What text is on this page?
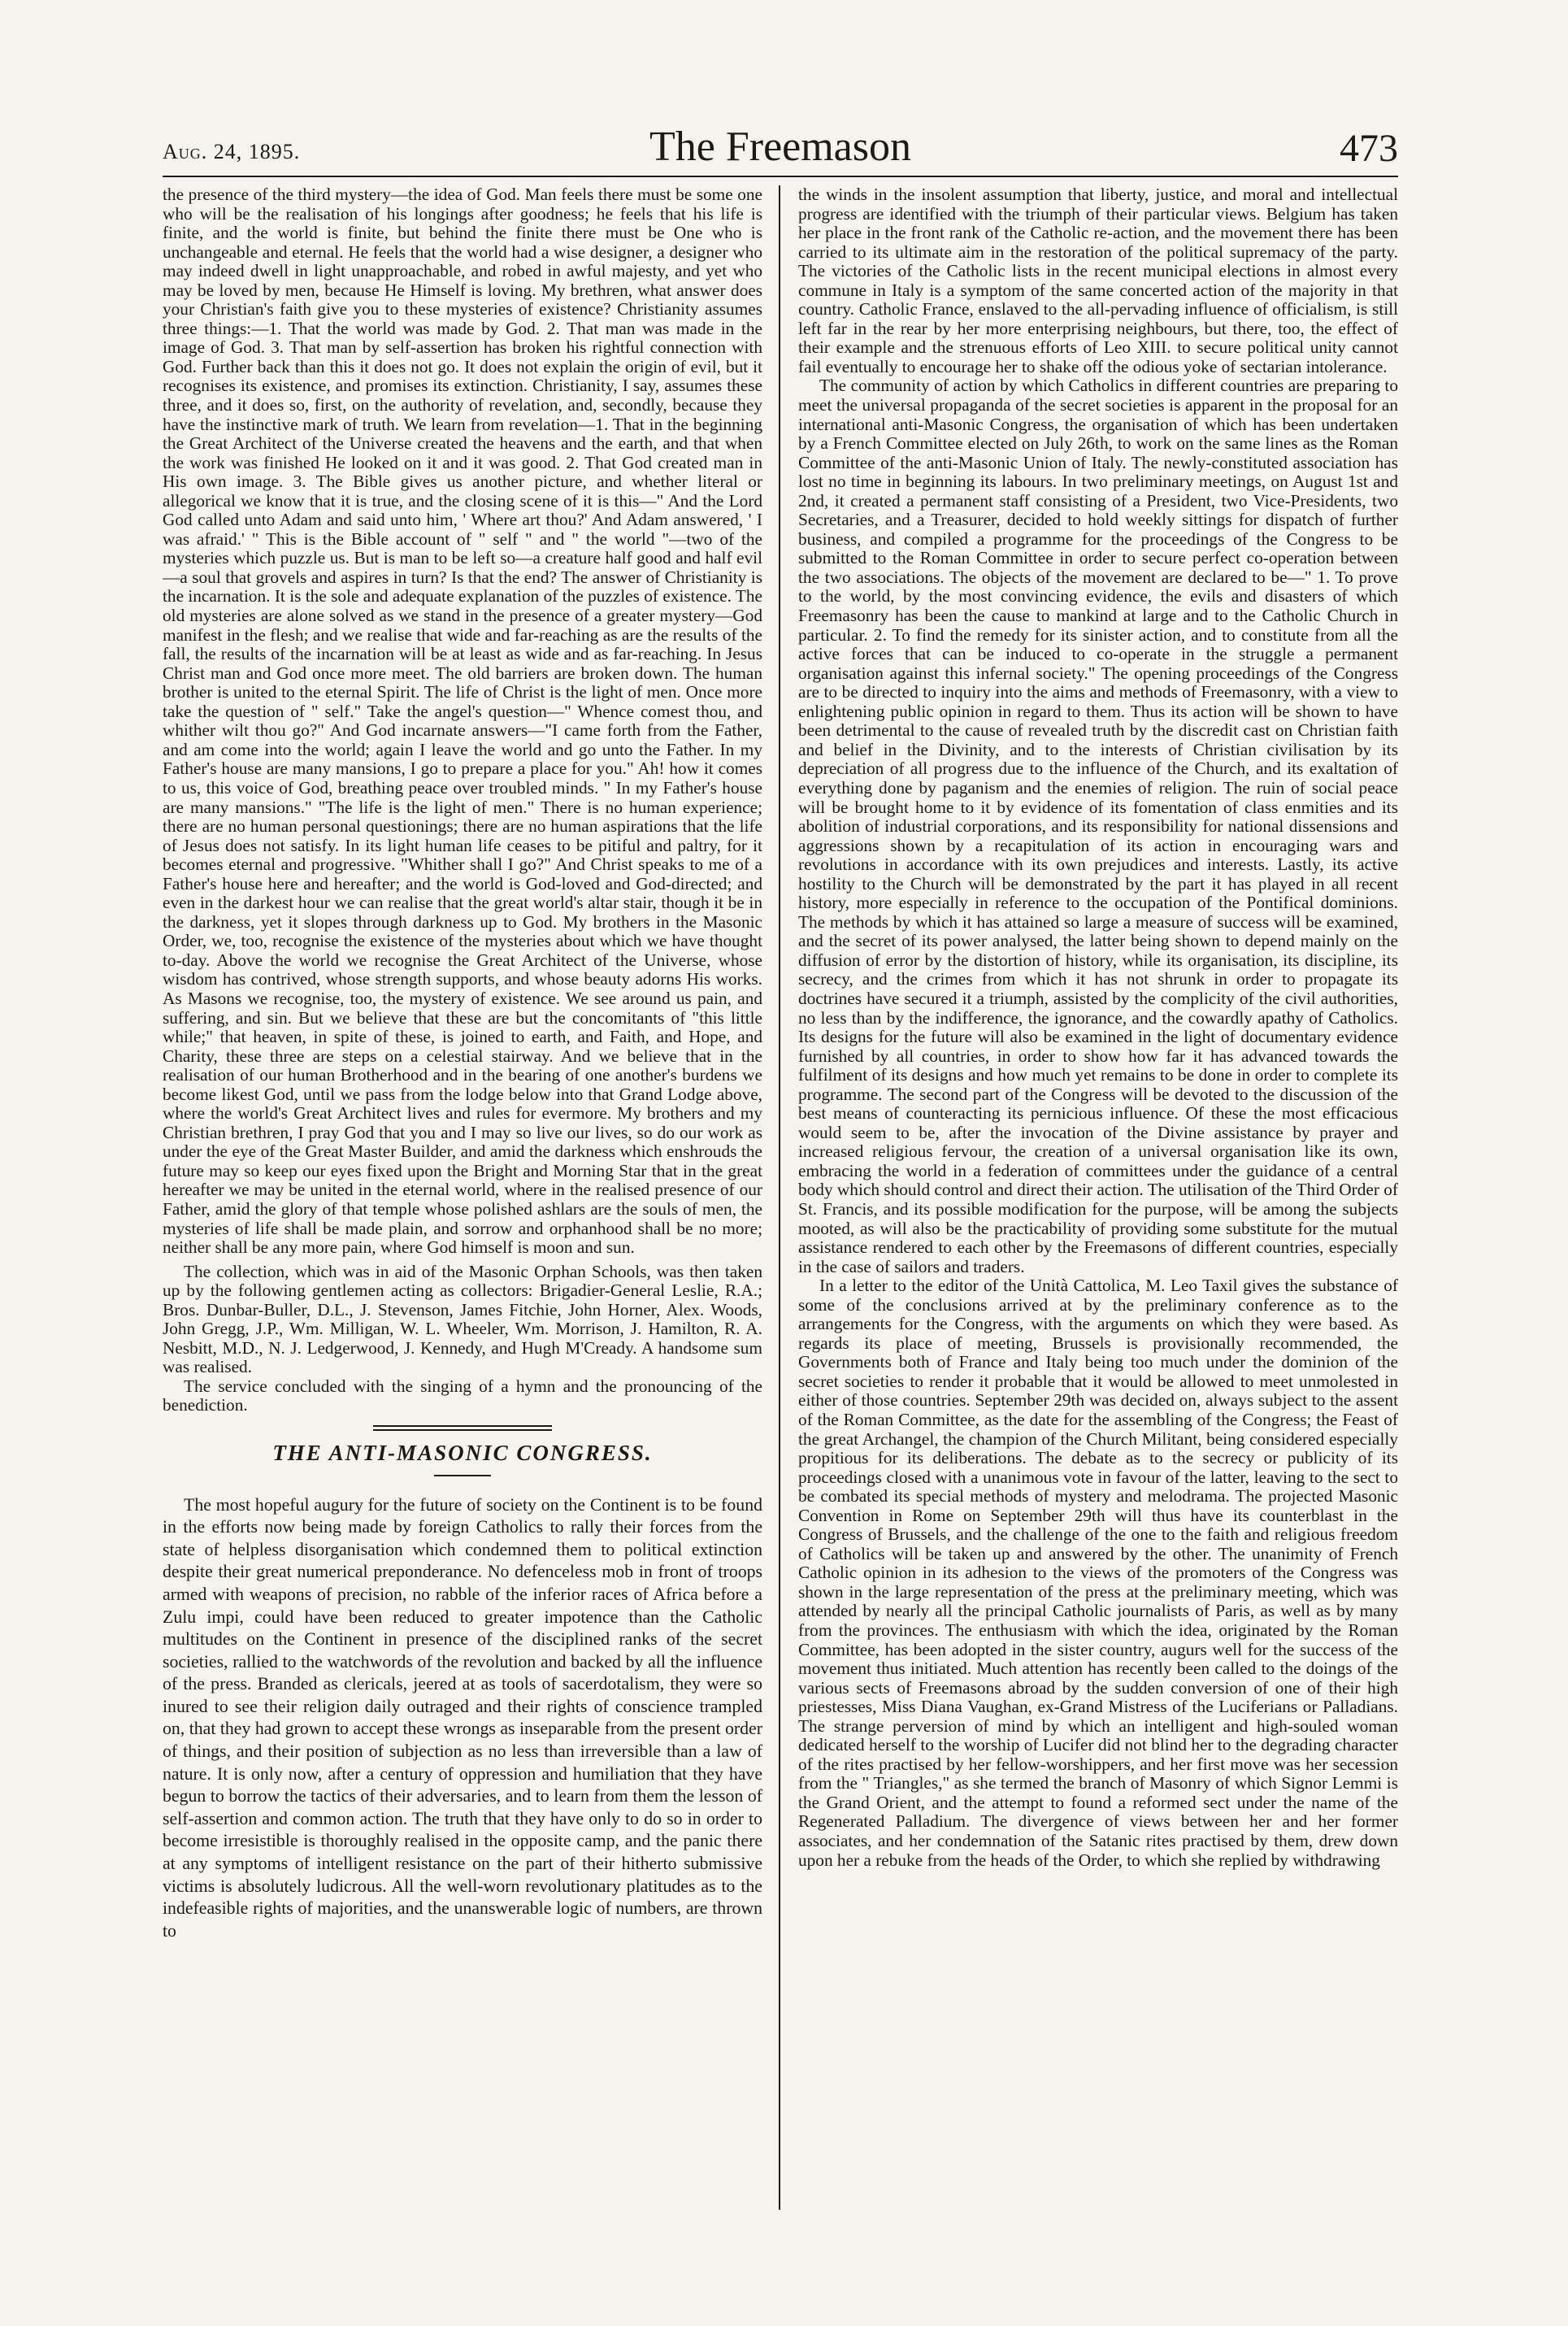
Aug. 24, 1895.	The Freemason	473

the presence of the third mystery—the idea of God. Man feels there must be some one who will be the realisation of his longings after goodness; he feels that his life is finite, and the world is finite, but behind the finite there must be One who is unchangeable and eternal. He feels that the world had a wise designer, a designer who may indeed dwell in light unapproachable, and robed in awful majesty, and yet who may be loved by men, because He Himself is loving. My brethren, what answer does your Christian's faith give you to these mysteries of existence? Christianity assumes three things:—1. That the world was made by God. 2. That man was made in the image of God. 3. That man by self-assertion has broken his rightful connection with God. Further back than this it does not go. It does not explain the origin of evil, but it recognises its existence, and promises its extinction. Christianity, I say, assumes these three, and it does so, first, on the authority of revelation, and, secondly, because they have the instinctive mark of truth. We learn from revelation—1. That in the beginning the Great Architect of the Universe created the heavens and the earth, and that when the work was finished He looked on it and it was good. 2. That God created man in His own image. 3. The Bible gives us another picture, and whether literal or allegorical we know that it is true, and the closing scene of it is this—" And the Lord God called unto Adam and said unto him, ' Where art thou?' And Adam answered, ' I was afraid.' " This is the Bible account of " self " and " the world "—two of the mysteries which puzzle us. But is man to be left so—a creature half good and half evil—a soul that grovels and aspires in turn? Is that the end? The answer of Christianity is the incarnation. It is the sole and adequate explanation of the puzzles of existence. The old mysteries are alone solved as we stand in the presence of a greater mystery—God manifest in the flesh; and we realise that wide and far-reaching as are the results of the fall, the results of the incarnation will be at least as wide and as far-reaching. In Jesus Christ man and God once more meet. The old barriers are broken down. The human brother is united to the eternal Spirit. The life of Christ is the light of men. Once more take the question of " self." Take the angel's question—" Whence comest thou, and whither wilt thou go?" And God incarnate answers—"I came forth from the Father, and am come into the world; again I leave the world and go unto the Father. In my Father's house are many mansions, I go to prepare a place for you." Ah! how it comes to us, this voice of God, breathing peace over troubled minds. " In my Father's house are many mansions." "The life is the light of men." There is no human experience; there are no human personal questionings; there are no human aspirations that the life of Jesus does not satisfy. In its light human life ceases to be pitiful and paltry, for it becomes eternal and progressive. "Whither shall I go?" And Christ speaks to me of a Father's house here and hereafter; and the world is God-loved and God-directed; and even in the darkest hour we can realise that the great world's altar stair, though it be in the darkness, yet it slopes through darkness up to God. My brothers in the Masonic Order, we, too, recognise the existence of the mysteries about which we have thought to-day. Above the world we recognise the Great Architect of the Universe, whose wisdom has contrived, whose strength supports, and whose beauty adorns His works. As Masons we recognise, too, the mystery of existence. We see around us pain, and suffering, and sin. But we believe that these are but the concomitants of "this little while;" that heaven, in spite of these, is joined to earth, and Faith, and Hope, and Charity, these three are steps on a celestial stairway. And we believe that in the realisation of our human Brotherhood and in the bearing of one another's burdens we become likest God, until we pass from the lodge below into that Grand Lodge above, where the world's Great Architect lives and rules for evermore. My brothers and my Christian brethren, I pray God that you and I may so live our lives, so do our work as under the eye of the Great Master Builder, and amid the darkness which enshrouds the future may so keep our eyes fixed upon the Bright and Morning Star that in the great hereafter we may be united in the eternal world, where in the realised presence of our Father, amid the glory of that temple whose polished ashlars are the souls of men, the mysteries of life shall be made plain, and sorrow and orphanhood shall be no more; neither shall be any more pain, where God himself is moon and sun.

The collection, which was in aid of the Masonic Orphan Schools, was then taken up by the following gentlemen acting as collectors: Brigadier-General Leslie, R.A.; Bros. Dunbar-Buller, D.L., J. Stevenson, James Fitchie, John Horner, Alex. Woods, John Gregg, J.P., Wm. Milligan, W. L. Wheeler, Wm. Morrison, J. Hamilton, R. A. Nesbitt, M.D., N. J. Ledgerwood, J. Kennedy, and Hugh M'Cready. A handsome sum was realised.

The service concluded with the singing of a hymn and the pronouncing of the benediction.

THE ANTI-MASONIC CONGRESS.

The most hopeful augury for the future of society on the Continent is to be found in the efforts now being made by foreign Catholics to rally their forces from the state of helpless disorganisation which condemned them to political extinction despite their great numerical preponderance. No defenceless mob in front of troops armed with weapons of precision, no rabble of the inferior races of Africa before a Zulu impi, could have been reduced to greater impotence than the Catholic multitudes on the Continent in presence of the disciplined ranks of the secret societies, rallied to the watchwords of the revolution and backed by all the influence of the press. Branded as clericals, jeered at as tools of sacerdotalism, they were so inured to see their religion daily outraged and their rights of conscience trampled on, that they had grown to accept these wrongs as inseparable from the present order of things, and their position of subjection as no less than irreversible than a law of nature. It is only now, after a century of oppression and humiliation that they have begun to borrow the tactics of their adversaries, and to learn from them the lesson of self-assertion and common action. The truth that they have only to do so in order to become irresistible is thoroughly realised in the opposite camp, and the panic there at any symptoms of intelligent resistance on the part of their hitherto submissive victims is absolutely ludicrous. All the well-worn revolutionary platitudes as to the indefeasible rights of majorities, and the unanswerable logic of numbers, are thrown to

the winds in the insolent assumption that liberty, justice, and moral and intellectual progress are identified with the triumph of their particular views. Belgium has taken her place in the front rank of the Catholic re-action, and the movement there has been carried to its ultimate aim in the restoration of the political supremacy of the party. The victories of the Catholic lists in the recent municipal elections in almost every commune in Italy is a symptom of the same concerted action of the majority in that country. Catholic France, enslaved to the all-pervading influence of officialism, is still left far in the rear by her more enterprising neighbours, but there, too, the effect of their example and the strenuous efforts of Leo XIII. to secure political unity cannot fail eventually to encourage her to shake off the odious yoke of sectarian intolerance.

The community of action by which Catholics in different countries are preparing to meet the universal propaganda of the secret societies is apparent in the proposal for an international anti-Masonic Congress, the organisation of which has been undertaken by a French Committee elected on July 26th, to work on the same lines as the Roman Committee of the anti-Masonic Union of Italy. The newly-constituted association has lost no time in beginning its labours. In two preliminary meetings, on August 1st and 2nd, it created a permanent staff consisting of a President, two Vice-Presidents, two Secretaries, and a Treasurer, decided to hold weekly sittings for dispatch of further business, and compiled a programme for the proceedings of the Congress to be submitted to the Roman Committee in order to secure perfect co-operation between the two associations. The objects of the movement are declared to be—" 1. To prove to the world, by the most convincing evidence, the evils and disasters of which Freemasonry has been the cause to mankind at large and to the Catholic Church in particular. 2. To find the remedy for its sinister action, and to constitute from all the active forces that can be induced to co-operate in the struggle a permanent organisation against this infernal society." The opening proceedings of the Congress are to be directed to inquiry into the aims and methods of Freemasonry, with a view to enlightening public opinion in regard to them. Thus its action will be shown to have been detrimental to the cause of revealed truth by the discredit cast on Christian faith and belief in the Divinity, and to the interests of Christian civilisation by its depreciation of all progress due to the influence of the Church, and its exaltation of everything done by paganism and the enemies of religion. The ruin of social peace will be brought home to it by evidence of its fomentation of class enmities and its abolition of industrial corporations, and its responsibility for national dissensions and aggressions shown by a recapitulation of its action in encouraging wars and revolutions in accordance with its own prejudices and interests. Lastly, its active hostility to the Church will be demonstrated by the part it has played in all recent history, more especially in reference to the occupation of the Pontifical dominions. The methods by which it has attained so large a measure of success will be examined, and the secret of its power analysed, the latter being shown to depend mainly on the diffusion of error by the distortion of history, while its organisation, its discipline, its secrecy, and the crimes from which it has not shrunk in order to propagate its doctrines have secured it a triumph, assisted by the complicity of the civil authorities, no less than by the indifference, the ignorance, and the cowardly apathy of Catholics. Its designs for the future will also be examined in the light of documentary evidence furnished by all countries, in order to show how far it has advanced towards the fulfilment of its designs and how much yet remains to be done in order to complete its programme. The second part of the Congress will be devoted to the discussion of the best means of counteracting its pernicious influence. Of these the most efficacious would seem to be, after the invocation of the Divine assistance by prayer and increased religious fervour, the creation of a universal organisation like its own, embracing the world in a federation of committees under the guidance of a central body which should control and direct their action. The utilisation of the Third Order of St. Francis, and its possible modification for the purpose, will be among the subjects mooted, as will also be the practicability of providing some substitute for the mutual assistance rendered to each other by the Freemasons of different countries, especially in the case of sailors and traders.

In a letter to the editor of the Unità Cattolica, M. Leo Taxil gives the substance of some of the conclusions arrived at by the preliminary conference as to the arrangements for the Congress, with the arguments on which they were based. As regards its place of meeting, Brussels is provisionally recommended, the Governments both of France and Italy being too much under the dominion of the secret societies to render it probable that it would be allowed to meet unmolested in either of those countries. September 29th was decided on, always subject to the assent of the Roman Committee, as the date for the assembling of the Congress; the Feast of the great Archangel, the champion of the Church Militant, being considered especially propitious for its deliberations. The debate as to the secrecy or publicity of its proceedings closed with a unanimous vote in favour of the latter, leaving to the sect to be combated its special methods of mystery and melodrama. The projected Masonic Convention in Rome on September 29th will thus have its counterblast in the Congress of Brussels, and the challenge of the one to the faith and religious freedom of Catholics will be taken up and answered by the other. The unanimity of French Catholic opinion in its adhesion to the views of the promoters of the Congress was shown in the large representation of the press at the preliminary meeting, which was attended by nearly all the principal Catholic journalists of Paris, as well as by many from the provinces. The enthusiasm with which the idea, originated by the Roman Committee, has been adopted in the sister country, augurs well for the success of the movement thus initiated. Much attention has recently been called to the doings of the various sects of Freemasons abroad by the sudden conversion of one of their high priestesses, Miss Diana Vaughan, ex-Grand Mistress of the Luciferians or Palladians. The strange perversion of mind by which an intelligent and high-souled woman dedicated herself to the worship of Lucifer did not blind her to the degrading character of the rites practised by her fellow-worshippers, and her first move was her secession from the " Triangles," as she termed the branch of Masonry of which Signor Lemmi is the Grand Orient, and the attempt to found a reformed sect under the name of the Regenerated Palladium. The divergence of views between her and her former associates, and her condemnation of the Satanic rites practised by them, drew down upon her a rebuke from the heads of the Order, to which she replied by withdrawing
